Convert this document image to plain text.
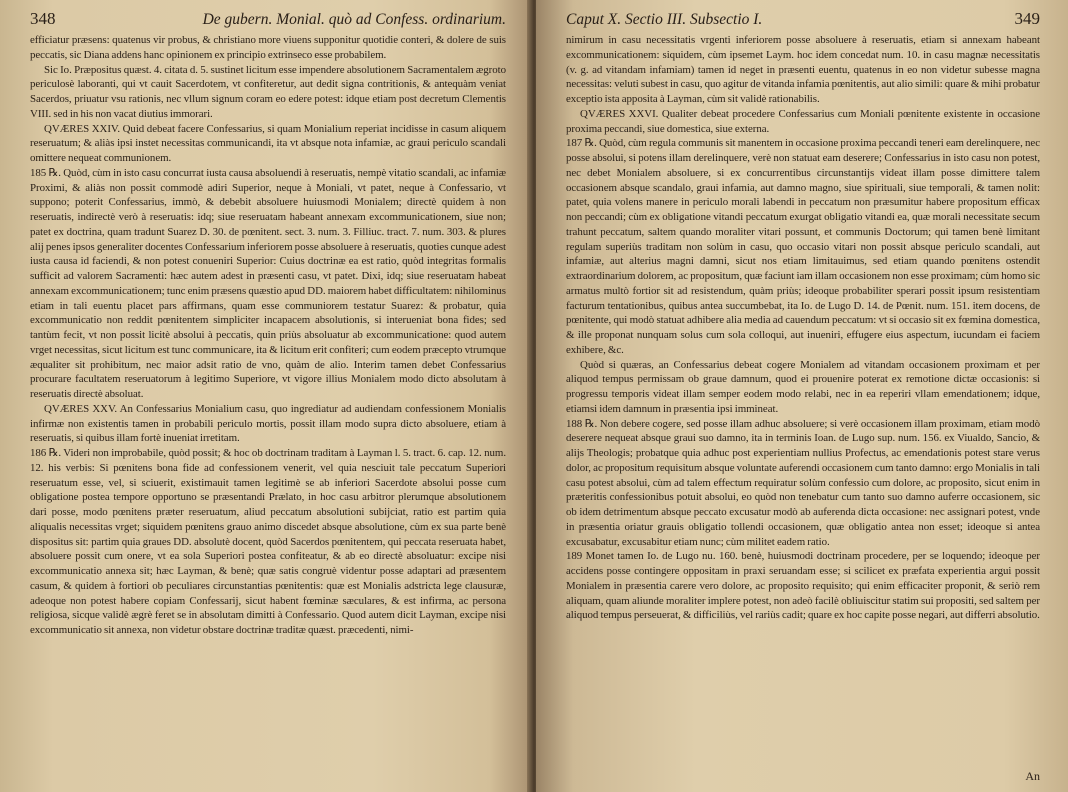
348	De gubern. Monial. quò ad Confess. ordinarium.

efficiatur præsens: quatenus vir probus, & christiano more viuens supponitur quotidie conteri, & dolere de suis peccatis, sic Diana addens hanc opinionem ex principio extrinseco esse probabilem.

Sic Io. Præpositus quæst. 4. citata d. 5. sustinet licitum esse impendere absolutionem Sacramentalem ægroto periculosè laboranti, qui vt cauit Sacerdotem, vt confiteretur, aut dedit signa contritionis, & antequàm veniat Sacerdos, priuatur vsu rationis, nec vllum signum coram eo edere potest: idque etiam post decretum Clementis VIII. sed in his non vacat diutius immorari.

QVÆRES XXIV. Quid debeat facere Confessarius, si quam Monialium reperiat incidisse in casum aliquem reseruatum; & aliàs ipsi instet necessitas communicandi, ita vt absque nota infamiæ, ac graui periculo scandali omittere nequeat communionem.

185 ℞. Quòd, cùm in isto casu concurrat iusta causa absoluendi à reseruatis, nempè vitatio scandali, ac infamiæ Proximi, & aliàs non possit commodè adiri Superior, neque à Moniali, vt patet, neque à Confessario, vt suppono; poterit Confessarius, immò, & debebit absoluere huiusmodi Monialem; directè quidem à non reseruatis, indirectè verò à reseruatis: idq; siue reseruatam habeant annexam excommunicationem, siue non; patet ex doctrina, quam tradunt Suarez D. 30. de pœnitent. sect. 3. num. 3. Filliuc. tract. 7. num. 303. & plures alij penes ipsos generaliter docentes Confessarium inferiorem posse absoluere à reseruatis, quoties cunque adest iusta causa id faciendi, & non potest conueniri Superior: Cuius doctrinæ ea est ratio, quòd integritas formalis sufficit ad valorem Sacramenti: hæc autem adest in præsenti casu, vt patet. Dixi, idq; siue reseruatam habeat annexam excommunicationem; tunc enim præsens quæstio apud DD. maiorem habet difficultatem: nihilominus etiam in tali euentu placet pars affirmans, quam esse communiorem testatur Suarez: & probatur, quia excommunicatio non reddit pœnitentem simpliciter incapacem absolutionis, si interueniat bona fides; sed tantùm fecit, vt non possit licitè absolui à peccatis, quin priùs absoluatur ab excommunicatione: quod autem vrget necessitas, sicut licitum est tunc communicare, ita & licitum erit confiteri; cum eodem præcepto vtrumque æqualiter sit prohibitum, nec maior adsit ratio de vno, quàm de alio. Interim tamen debet Confessarius procurare facultatem reseruatorum à legitimo Superiore, vt vigore illius Monialem modo dicto absolutam à reseruatis directè absoluat.

QVÆRES XXV. An Confessarius Monialium casu, quo ingrediatur ad audiendam confessionem Monialis infirmæ non existentis tamen in probabili periculo mortis, possit illam modo supra dicto absoluere, etiam à reseruatis, si quibus illam fortè inueniat irretitam.

186 ℞. Videri non improbabile, quòd possit; & hoc ob doctrinam traditam à Layman l. 5. tract. 6. cap. 12. num. 12. his verbis: Si pœnitens bona fide ad confessionem venerit, vel quia nesciuit tale peccatum Superiori reseruatum esse, vel, si sciuerit, existimauit tamen legitimè se ab inferiori Sacerdote absolui posse cum obligatione postea tempore opportuno se præsentandi Prælato, in hoc casu arbitror plerumque absolutionem dari posse, modo pœnitens præter reseruatum, aliud peccatum absolutioni subijciat, ratio est partim quia aliqualis necessitas vrget; siquidem pœnitens grauo animo discedet absque absolutione, cùm ex sua parte benè dispositus sit: partim quia graues DD. absolutè docent, quòd Sacerdos pœnitentem, qui peccata reseruata habet, absoluere possit cum onere, vt ea sola Superiori postea confiteatur, & ab eo directè absoluatur: excipe nisi excommunicatio annexa sit; hæc Layman, & benè; quæ satis congruè videntur posse adaptari ad præsentem casum, & quidem à fortiori ob peculiares circunstantias pœnitentis: quæ est Monialis adstricta lege clausuræ, adeoque non potest habere copiam Confessarij, sicut habent fœminæ sæculares, & est infirma, ac persona religiosa, sicque validè ægrè feret se in absolutam dimitti à Confessario. Quod autem dicit Layman, excipe nisi excommunicatio sit annexa, non videtur obstare doctrinæ traditæ quæst. præcedenti, nimi-

Caput X. Sectio III. Subsectio I.	349

nimirum in casu necessitatis vrgenti inferiorem posse absoluere à reseruatis, etiam si annexam habeant excommunicationem: siquidem, cùm ipsemet Laym. hoc idem concedat num. 10. in casu magnæ necessitatis (v. g. ad vitandam infamiam) tamen id neget in præsenti euentu, quatenus in eo non videtur subesse magna necessitas: veluti subest in casu, quo agitur de vitanda infamia pœnitentis, aut alio simili: quare & mihi probatur exceptio ista apposita à Layman, cùm sit validè rationabilis.

QVÆRES XXVI. Qualiter debeat procedere Confessarius cum Moniali pœnitente existente in occasione proxima peccandi, siue domestica, siue externa.

187 ℞. Quòd, cùm regula communis sit manentem in occasione proxima peccandi teneri eam derelinquere, nec posse absolui, si potens illam derelinquere, verè non statuat eam deserere; Confessarius in isto casu non potest, nec debet Monialem absoluere, si ex concurrentibus circunstantijs videat illam posse dimittere talem occasionem absque scandalo, graui infamia, aut damno magno, siue spirituali, siue temporali, & tamen nolit: patet, quia volens manere in periculo morali labendi in peccatum non præsumitur habere propositum efficax non peccandi; cùm ex obligatione vitandi peccatum exurgat obligatio vitandi ea, quæ morali necessitate secum trahunt peccatum, saltem quando moraliter vitari possunt, et communis Doctorum; qui tamen benè limitant regulam superiùs traditam non solùm in casu, quo occasio vitari non possit absque periculo scandali, aut infamiæ, aut alterius magni damni, sicut nos etiam limitauimus, sed etiam quando pœnitens ostendit extraordinarium dolorem, ac propositum, quæ faciunt iam illam occasionem non esse proximam; cùm homo sic armatus multò fortior sit ad resistendum, quàm priùs; ideoque probabiliter sperari possit ipsum resistentiam facturum tentationibus, quibus antea succumbebat, ita Io. de Lugo D. 14. de Pœnit. num. 151. item docens, de pœnitente, qui modò statuat adhibere alia media ad cauendum peccatum: vt si occasio sit ex fœmina domestica, & ille proponat nunquam solus cum sola colloqui, aut inueniri, effugere eius aspectum, iucundam ei faciem exhibere, &c.

Quòd si quæras, an Confessarius debeat cogere Monialem ad vitandam occasionem proximam et per aliquod tempus permissam ob graue damnum, quod ei prouenire poterat ex remotione dictæ occasionis: si progressu temporis videat illam semper eodem modo relabi, nec in ea reperiri vllam emendationem; idque, etiamsi idem damnum in præsentia ipsi immineat.

188 ℞. Non debere cogere, sed posse illam adhuc absoluere; si verè occasionem illam proximam, etiam modò deserere nequeat absque graui suo damno, ita in terminis Ioan. de Lugo sup. num. 156. ex Viualdo, Sancio, & alijs Theologis; probatque quia adhuc post experientiam nullius Profectus, ac emendationis potest stare verus dolor, ac propositum requisitum absque voluntate auferendi occasionem cum tanto damno: ergo Monialis in tali casu potest absolui, cùm ad talem effectum requiratur solùm confessio cum dolore, ac proposito, sicut enim in præteritis confessionibus potuit absolui, eo quòd non tenebatur cum tanto suo damno auferre occasionem, sic ob idem detrimentum absque peccato excusatur modò ab auferenda dicta occasione: nec assignari potest, vnde in præsentia oriatur grauis obligatio tollendi occasionem, quæ obligatio antea non esset; ideoque si antea excusabatur, excusabitur etiam nunc; cùm militet eadem ratio.

189 Monet tamen Io. de Lugo nu. 160. benè, huiusmodi doctrinam procedere, per se loquendo; ideoque per accidens posse contingere oppositam in praxi seruandam esse; si scilicet ex præfata experientia argui possit Monialem in præsentia carere vero dolore, ac proposito requisito; qui enim efficaciter proponit, & seriò rem aliquam, quam aliunde moraliter implere potest, non adeò facilè obliuiscitur statim sui propositi, sed saltem per aliquod tempus perseuerat, & difficiliùs, vel rariùs cadit; quare ex hoc capite posse negari, aut differri absolutio.

An
